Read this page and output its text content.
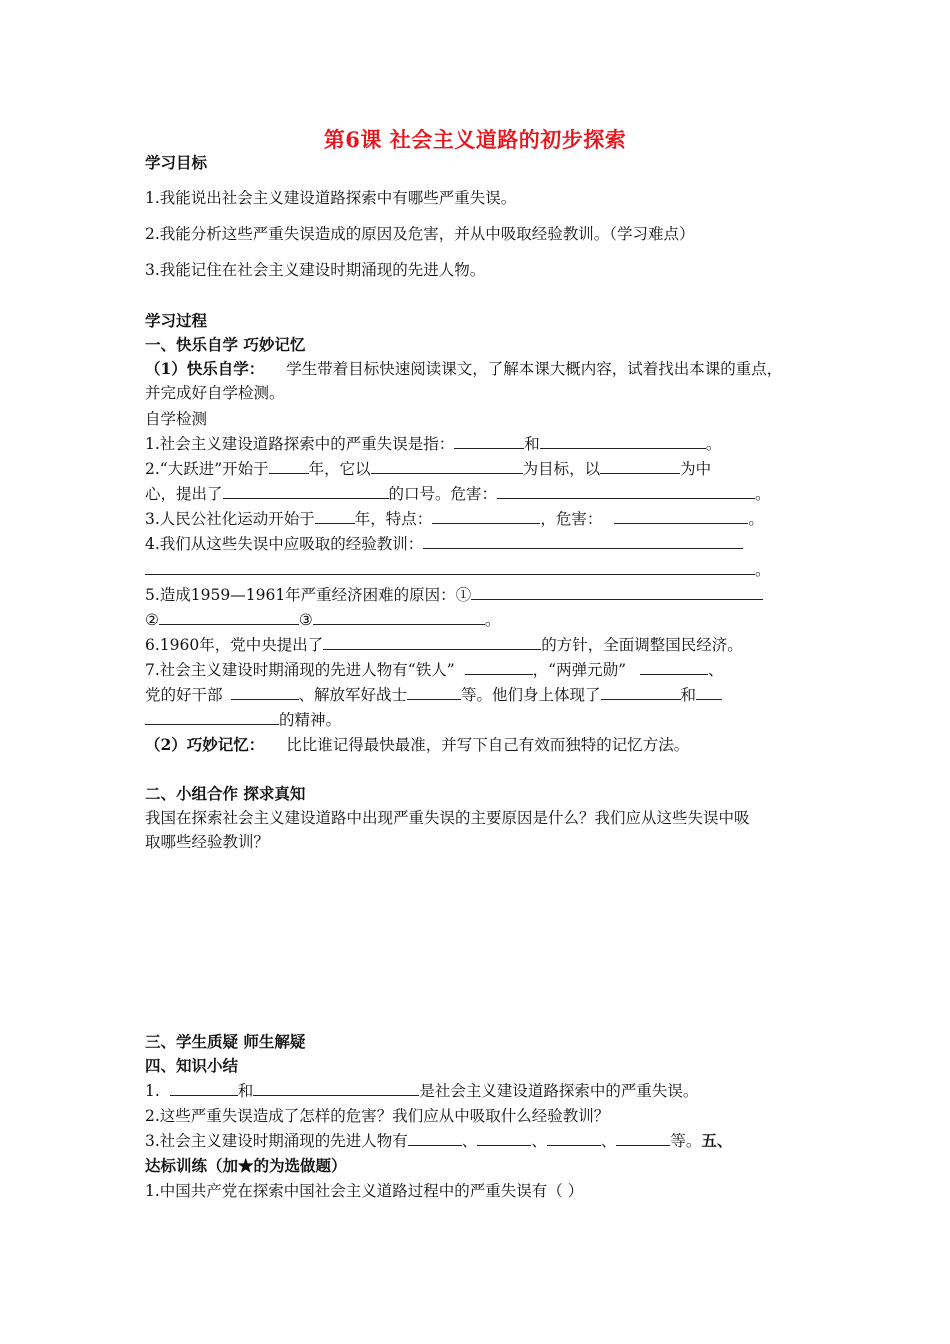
第6课 社会主义道路的初步探索
学习目标
1.我能说出社会主义建设道路探索中有哪些严重失误。
2.我能分析这些严重失误造成的原因及危害，并从中吸取经验教训。（学习难点）
3.我能记住在社会主义建设时期涌现的先进人物。
学习过程
一、快乐自学 巧妙记忆
（1）快乐自学： 学生带着目标快速阅读课文，了解本课大概内容，试着找出本课的重点，
并完成好自学检测。
自学检测
1.社会主义建设道路探索中的严重失误是指：	和	。
2.“大跃进”开始于	年，它以	为目标，以	为中
心，提出了	的口号。危害：	。
3.人民公社化运动开始于	年，特点：	，危害：	。
4.我们从这些失误中应吸取的经验教训：
。
5.造成1959—1961年严重经济困难的原因：①
②	③	。
6.1960年，党中央提出了	的方针，全面调整国民经济。
7.社会主义建设时期涌现的先进人物有“铁人”	，“两弹元勋”	、
党的好干部	、解放军好战士	等。他们身上体现了	和
的精神。
（2）巧妙记忆： 比比谁记得最快最准，并写下自己有效而独特的记忆方法。
二、小组合作 探求真知
我国在探索社会主义建设道路中出现严重失误的主要原因是什么？我们应从这些失误中吸
取哪些经验教训？
三、学生质疑 师生解疑
四、知识小结
1.	和	是社会主义建设道路探索中的严重失误。
2.这些严重失误造成了怎样的危害？我们应从中吸取什么经验教训？
3.社会主义建设时期涌现的先进人物有	、	、	、	等。五、
达标训练（加★的为选做题）
1.中国共产党在探索中国社会主义道路过程中的严重失误有（ ）
